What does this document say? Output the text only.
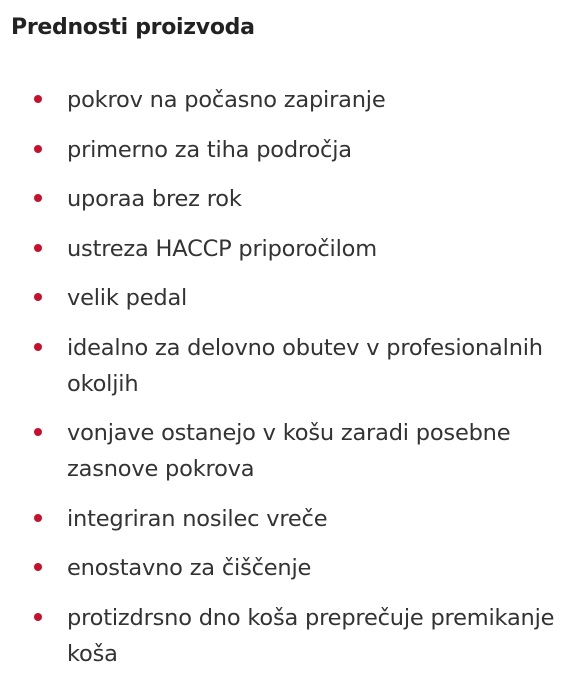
Prednosti proizvoda
pokrov na počasno zapiranje
primerno za tiha področja
uporaa brez rok
ustreza HACCP priporočilom
velik pedal
idealno za delovno obutev v profesionalnih okoljih
vonjave ostanejo v košu zaradi posebne zasnove pokrova
integriran nosilec vreče
enostavno za čiščenje
protizdrsno dno koša preprečuje premikanje koša
